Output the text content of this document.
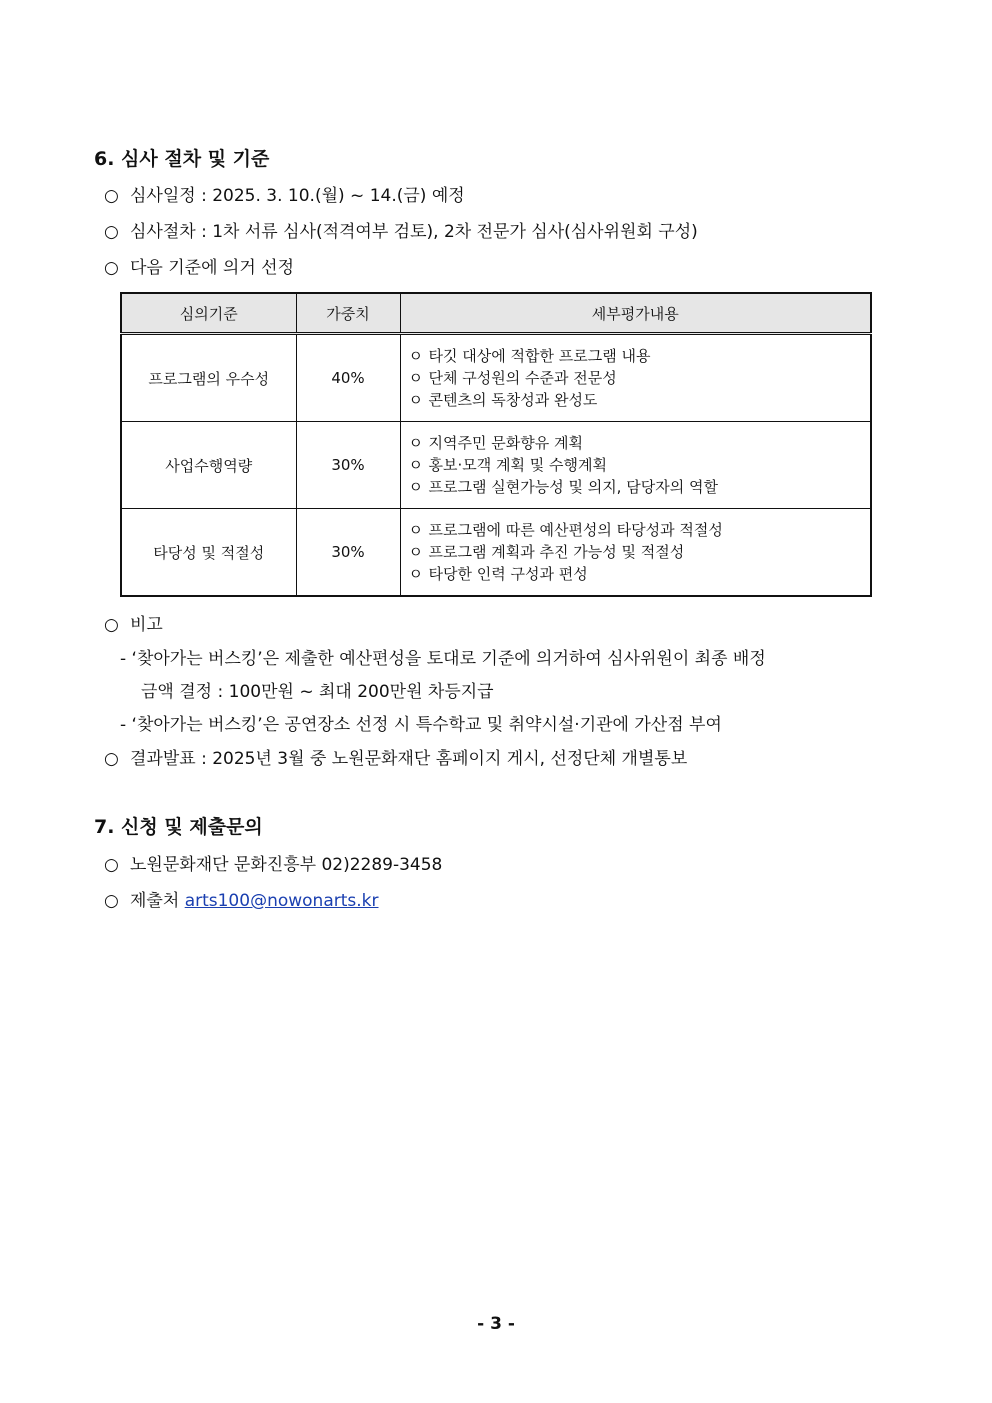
6. 심사 절차 및 기준
○ 심사일정 : 2025. 3. 10.(월) ~ 14.(금) 예정
○ 심사절차 : 1차 서류 심사(적격여부 검토), 2차 전문가 심사(심사위원회 구성)
○ 다음 기준에 의거 선정
심의기준	가중치	세부평가내용
프로그램의 우수성	40%	ㅇ 타깃 대상에 적합한 프로그램 내용
ㅇ 단체 구성원의 수준과 전문성
ㅇ 콘텐츠의 독창성과 완성도

사업수행역량	30%	ㅇ 지역주민 문화향유 계획
ㅇ 홍보·모객 계획 및 수행계획
ㅇ 프로그램 실현가능성 및 의지, 담당자의 역할

타당성 및 적절성	30%	ㅇ 프로그램에 따른 예산편성의 타당성과 적절성
ㅇ 프로그램 계획과 추진 가능성 및 적절성
ㅇ 타당한 인력 구성과 편성
○ 비고
- ‘찾아가는 버스킹’은 제출한 예산편성을 토대로 기준에 의거하여 심사위원이 최종 배정
금액 결정 : 100만원 ~ 최대 200만원 차등지급
- ‘찾아가는 버스킹’은 공연장소 선정 시 특수학교 및 취약시설·기관에 가산점 부여
○ 결과발표 : 2025년 3월 중 노원문화재단 홈페이지 게시, 선정단체 개별통보
7. 신청 및 제출문의
○ 노원문화재단 문화진흥부 02)2289-3458
○ 제출처 arts100@nowonarts.kr
- 3 -
